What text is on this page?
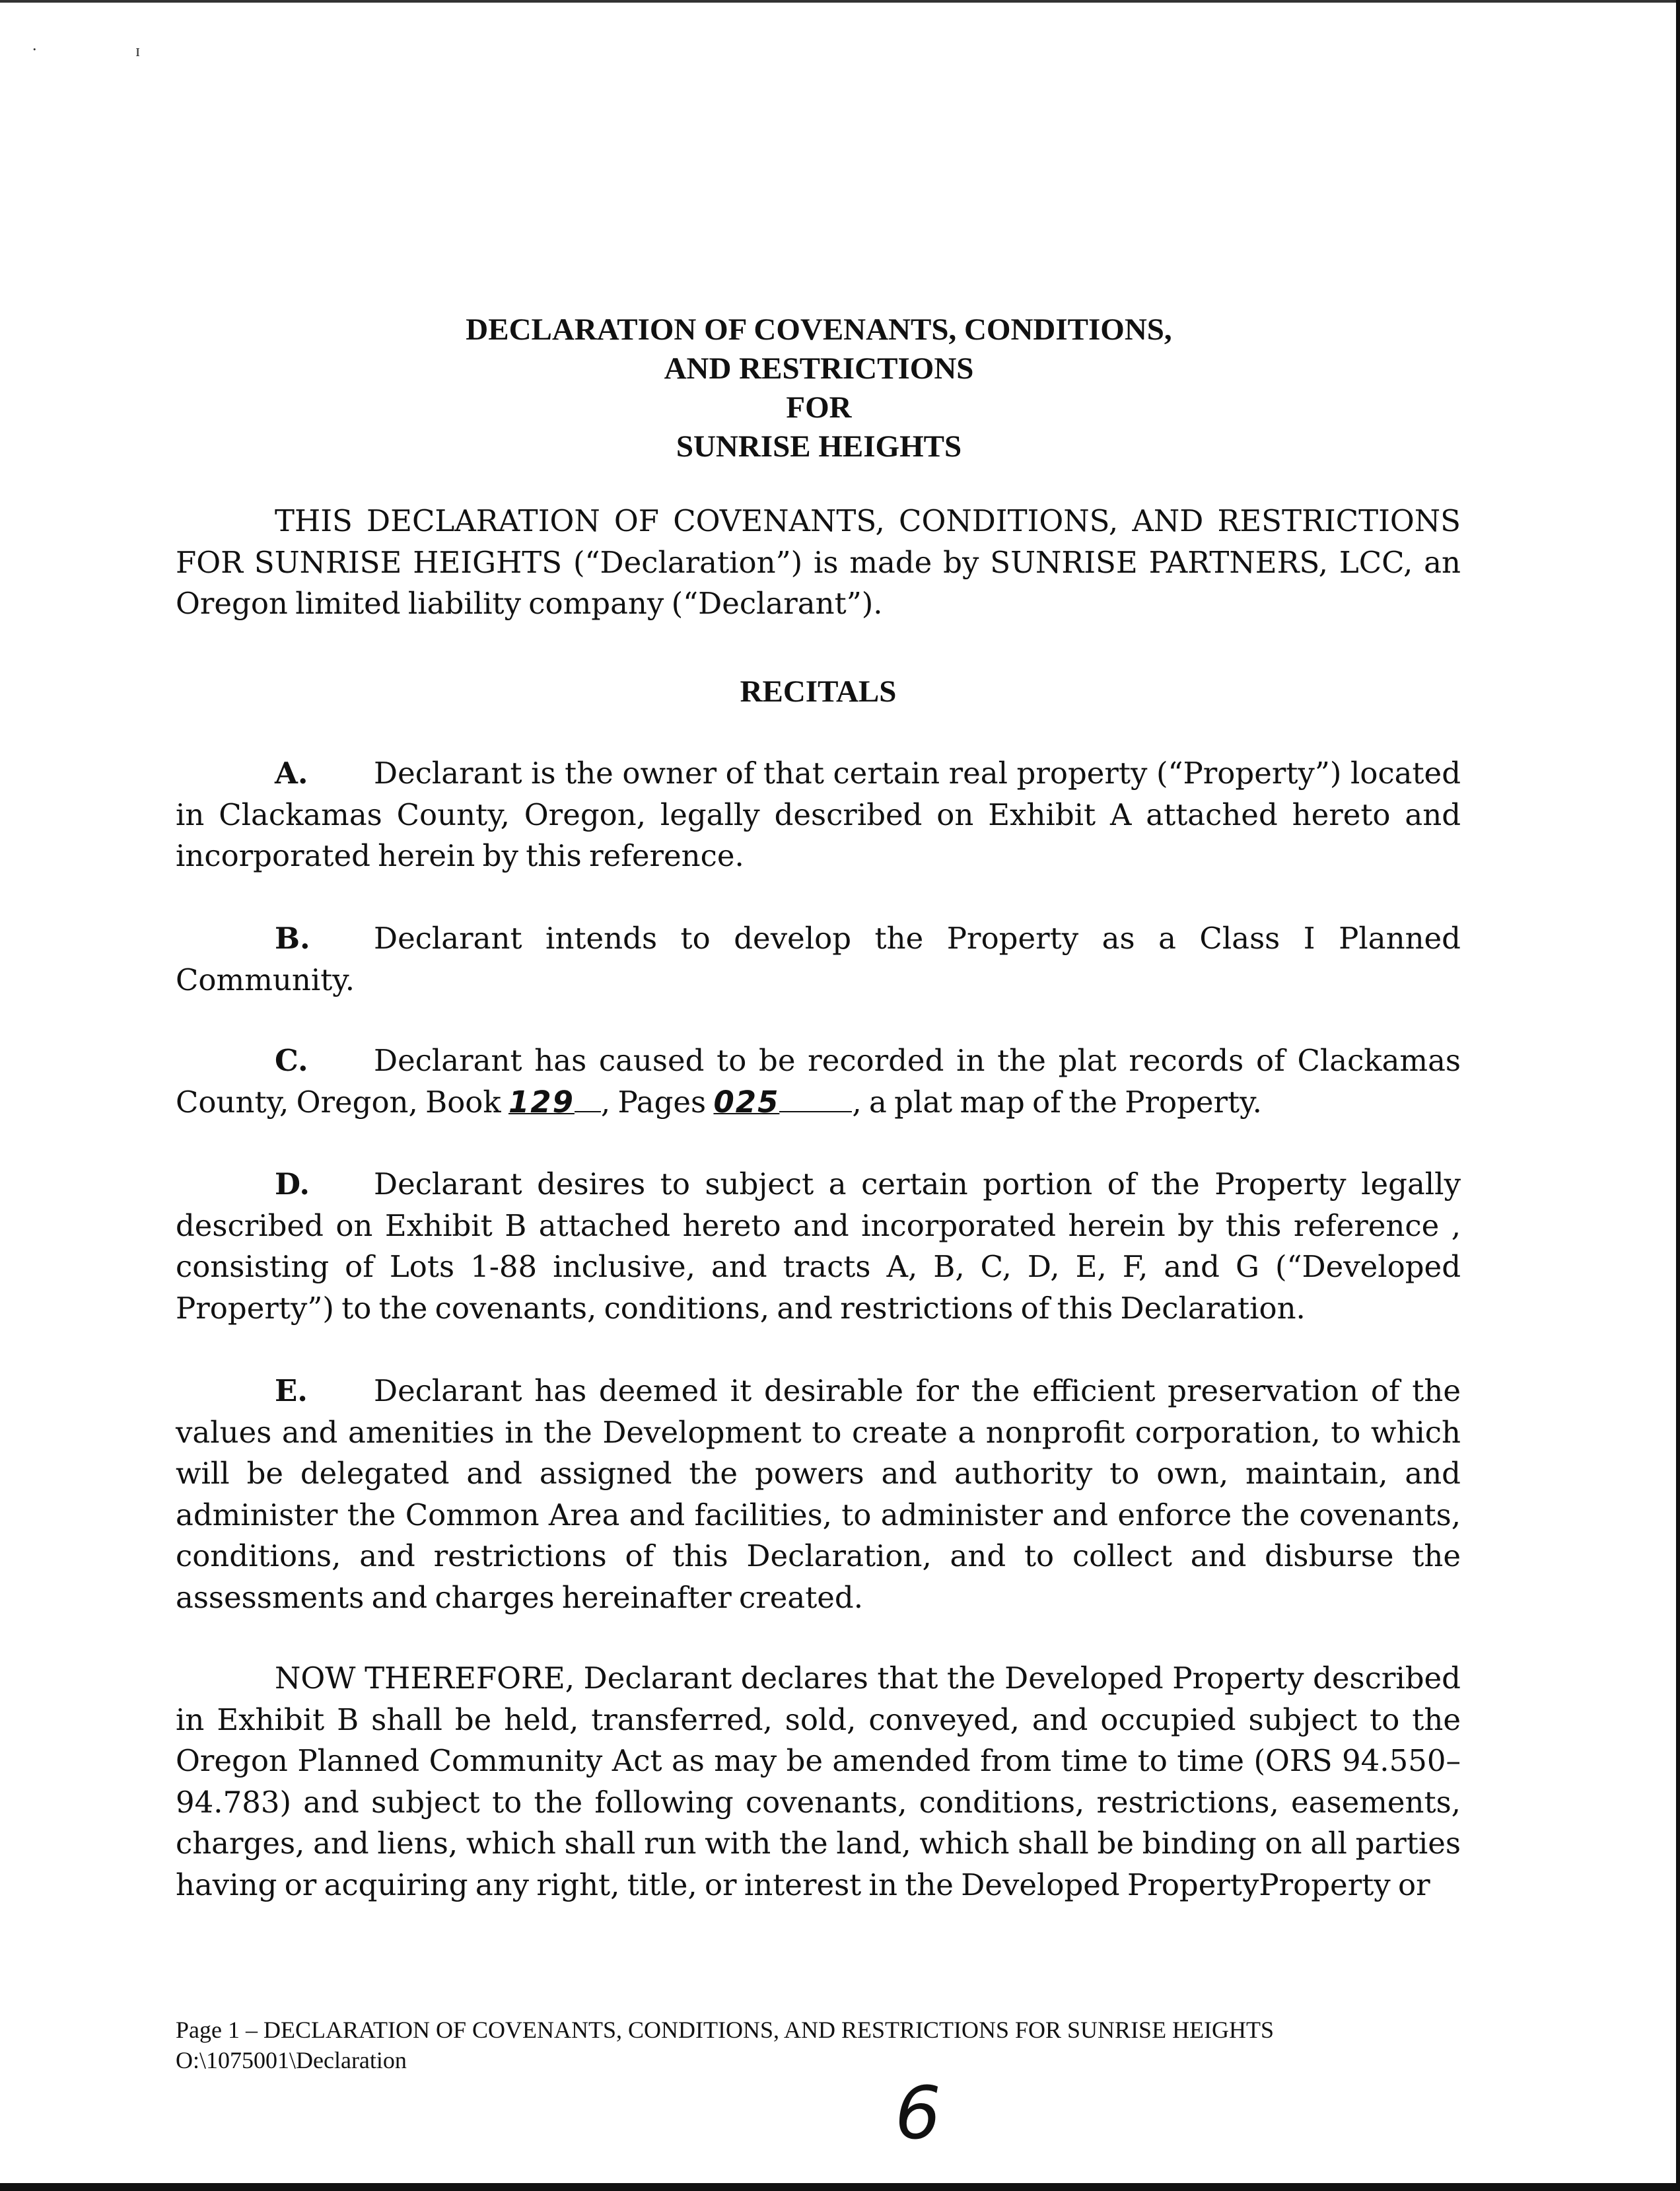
ॱ	ɪ
DECLARATION OF COVENANTS, CONDITIONS,
AND RESTRICTIONS
FOR
SUNRISE HEIGHTS

THIS DECLARATION OF COVENANTS, CONDITIONS, AND RESTRICTIONS FOR SUNRISE HEIGHTS (“Declaration”) is made by SUNRISE PARTNERS, LCC, an Oregon limited liability company (“Declarant”).

RECITALS

A. Declarant is the owner of that certain real property (“Property”) located in Clackamas County, Oregon, legally described on Exhibit A attached hereto and incorporated herein by this reference.

B. Declarant intends to develop the Property as a Class I Planned Community.

C. Declarant has caused to be recorded in the plat records of Clackamas County, Oregon, Book 129 , Pages 025 , a plat map of the Property.

D. Declarant desires to subject a certain portion of the Property legally described on Exhibit B attached hereto and incorporated herein by this reference , consisting of Lots 1-88 inclusive, and tracts A, B, C, D, E, F, and G (“Developed Property”) to the covenants, conditions, and restrictions of this Declaration.

E. Declarant has deemed it desirable for the efficient preservation of the values and amenities in the Development to create a nonprofit corporation, to which will be delegated and assigned the powers and authority to own, maintain, and administer the Common Area and facilities, to administer and enforce the covenants, conditions, and restrictions of this Declaration, and to collect and disburse the assessments and charges hereinafter created.

NOW THEREFORE, Declarant declares that the Developed Property described in Exhibit B shall be held, transferred, sold, conveyed, and occupied subject to the Oregon Planned Community Act as may be amended from time to time (ORS 94.550–94.783) and subject to the following covenants, conditions, restrictions, easements, charges, and liens, which shall run with the land, which shall be binding on all parties having or acquiring any right, title, or interest in the Developed PropertyProperty or

Page 1 – DECLARATION OF COVENANTS, CONDITIONS, AND RESTRICTIONS FOR SUNRISE HEIGHTS
O:\1075001\Declaration
6
